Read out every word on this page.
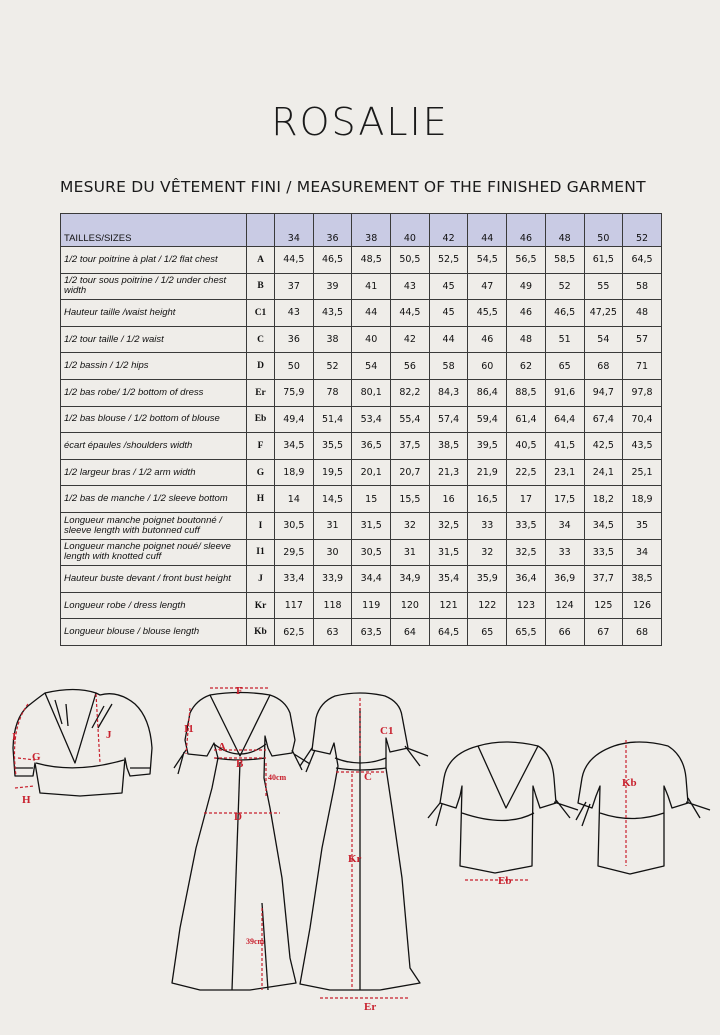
ROSALIE
MESURE DU VÊTEMENT FINI / MEASUREMENT OF THE FINISHED GARMENT
TAILLES/SIZES		34	36	38	40	42	44	46	48	50	52
1/2 tour poitrine à plat / 1/2 flat chest	A	44,5	46,5	48,5	50,5	52,5	54,5	56,5	58,5	61,5	64,5
1/2 tour sous poitrine / 1/2 under chest width	B	37	39	41	43	45	47	49	52	55	58
Hauteur taille /waist height	C1	43	43,5	44	44,5	45	45,5	46	46,5	47,25	48
1/2 tour taille / 1/2 waist	C	36	38	40	42	44	46	48	51	54	57
1/2 bassin / 1/2 hips	D	50	52	54	56	58	60	62	65	68	71
1/2 bas robe/ 1/2 bottom of dress	Er	75,9	78	80,1	82,2	84,3	86,4	88,5	91,6	94,7	97,8
1/2 bas blouse / 1/2 bottom of blouse	Eb	49,4	51,4	53,4	55,4	57,4	59,4	61,4	64,4	67,4	70,4
écart épaules /shoulders width	F	34,5	35,5	36,5	37,5	38,5	39,5	40,5	41,5	42,5	43,5
1/2 largeur bras / 1/2 arm width	G	18,9	19,5	20,1	20,7	21,3	21,9	22,5	23,1	24,1	25,1
1/2 bas de manche / 1/2 sleeve bottom	H	14	14,5	15	15,5	16	16,5	17	17,5	18,2	18,9
Longueur manche poignet boutonné / sleeve length with butonned cuff	I	30,5	31	31,5	32	32,5	33	33,5	34	34,5	35
Longueur manche poignet noué/ sleeve length with knotted cuff	I1	29,5	30	30,5	31	31,5	32	32,5	33	33,5	34
Hauteur buste devant / front bust height	J	33,4	33,9	34,4	34,9	35,4	35,9	36,4	36,9	37,7	38,5
Longueur robe / dress length	Kr	117	118	119	120	121	122	123	124	125	126
Longueur blouse / blouse length	Kb	62,5	63	63,5	64	64,5	65	65,5	66	67	68
I
G
H
J
F
I1
A
B
D
40cm
39cm
C1
C
Kr
Er
Eb
Kb
